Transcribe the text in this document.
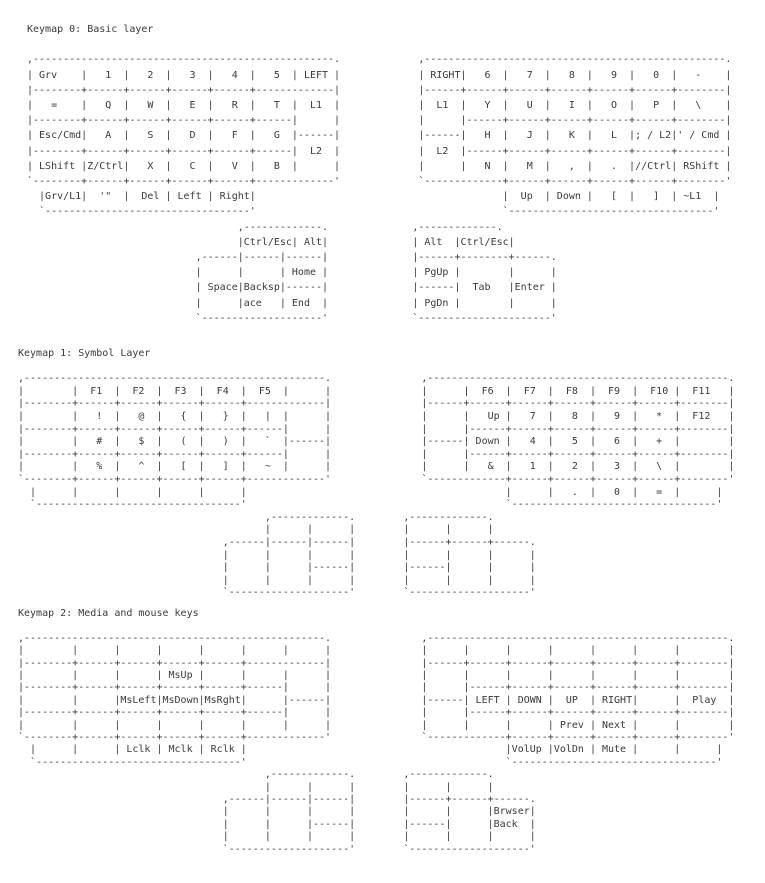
Keymap 0: Basic layer
,--------------------------------------------------.             ,--------------------------------------------------.
| Grv    |   1  |   2  |   3  |   4  |   5  | LEFT |             | RIGHT|   6  |   7  |   8  |   9  |   0  |   -    |
|--------+------+------+------+------+-------------|             |------+------+------+------+------+------+--------|
|   =    |   Q  |   W  |   E  |   R  |   T  |  L1  |             |  L1  |   Y  |   U  |   I  |   O  |   P  |   \    |
|--------+------+------+------+------+------|      |             |      |------+------+------+------+------+--------|
| Esc/Cmd|   A  |   S  |   D  |   F  |   G  |------|             |------|   H  |   J  |   K  |   L  |; / L2|' / Cmd |
|--------+------+------+------+------+------|  L2  |             |  L2  |------+------+------+------+------+--------|
| LShift |Z/Ctrl|   X  |   C  |   V  |   B  |      |             |      |   N  |   M  |   ,  |   .  |//Ctrl| RShift |
`--------+------+------+------+------+-------------'             `-------------+------+------+------+------+--------'
|Grv/L1|  '"  |  Del | Left | Right|                                         |  Up  | Down |   [  |   ]  | ~L1  |
`----------------------------------'                                         `----------------------------------'
,-------------.              ,-------------.
|Ctrl/Esc| Alt|              | Alt  |Ctrl/Esc|
,------|------|------|              |------+--------+------.
|      |      | Home |              | PgUp |        |      |
| Space|Backsp|------|              |------|  Tab   |Enter |
|      |ace   | End  |              | PgDn |        |      |
`--------------------'              `----------------------'
Keymap 1: Symbol Layer
,--------------------------------------------------.               ,--------------------------------------------------.
|        |  F1  |  F2  |  F3  |  F4  |  F5  |      |               |      |  F6  |  F7  |  F8  |  F9  |  F10 |  F11   |
|--------+------+------+------+------+-------------|               |------+------+------+------+------+------+--------|
|        |   !  |   @  |   {  |   }  |   |  |      |               |      |   Up |   7  |   8  |   9  |   *  |  F12   |
|--------+------+------+------+------+------|      |               |      |------+------+------+------+------+--------|
|        |   #  |   $  |   (  |   )  |   `  |------|               |------| Down |   4  |   5  |   6  |   +  |        |
|--------+------+------+------+------+------|      |               |      |------+------+------+------+------+--------|
|        |   %  |   ^  |   [  |   ]  |   ~  |      |               |      |   &  |   1  |   2  |   3  |   \  |        |
`--------+------+------+------+------+-------------'               `-------------+------+------+------+------+--------'
|      |      |      |      |      |                                           |      |   .  |   0  |   =  |      |
`----------------------------------'                                           `----------------------------------'
,-------------.        ,-------------.
|      |      |        |      |      |
,------|------|------|        |------+------+------.
|      |      |      |        |      |      |      |
|      |      |------|        |------|      |      |
|      |      |      |        |      |      |      |
`--------------------'        `--------------------'
Keymap 2: Media and mouse keys
,--------------------------------------------------.               ,--------------------------------------------------.
|        |      |      |      |      |      |      |               |      |      |      |      |      |      |        |
|--------+------+------+------+------+-------------|               |------+------+------+------+------+------+--------|
|        |      |      | MsUp |      |      |      |               |      |      |      |      |      |      |        |
|--------+------+------+------+------+------|      |               |      |------+------+------+------+------+--------|
|        |      |MsLeft|MsDown|MsRght|      |------|               |------| LEFT | DOWN |  UP  | RIGHT|      |  Play  |
|--------+------+------+------+------+------|      |               |      |------+------+------+------+------+--------|
|        |      |      |      |      |      |      |               |      |      |      | Prev | Next |      |        |
`--------+------+------+------+------+-------------'               `-------------+------+------+------+------+--------'
|      |      | Lclk | Mclk | Rclk |                                           |VolUp |VolDn | Mute |      |      |
`----------------------------------'                                           `----------------------------------'
,-------------.        ,-------------.
|      |      |        |      |      |
,------|------|------|        |------+------+------.
|      |      |      |        |      |      |Brwser|
|      |      |------|        |------|      |Back  |
|      |      |      |        |      |      |      |
`--------------------'        `--------------------'
